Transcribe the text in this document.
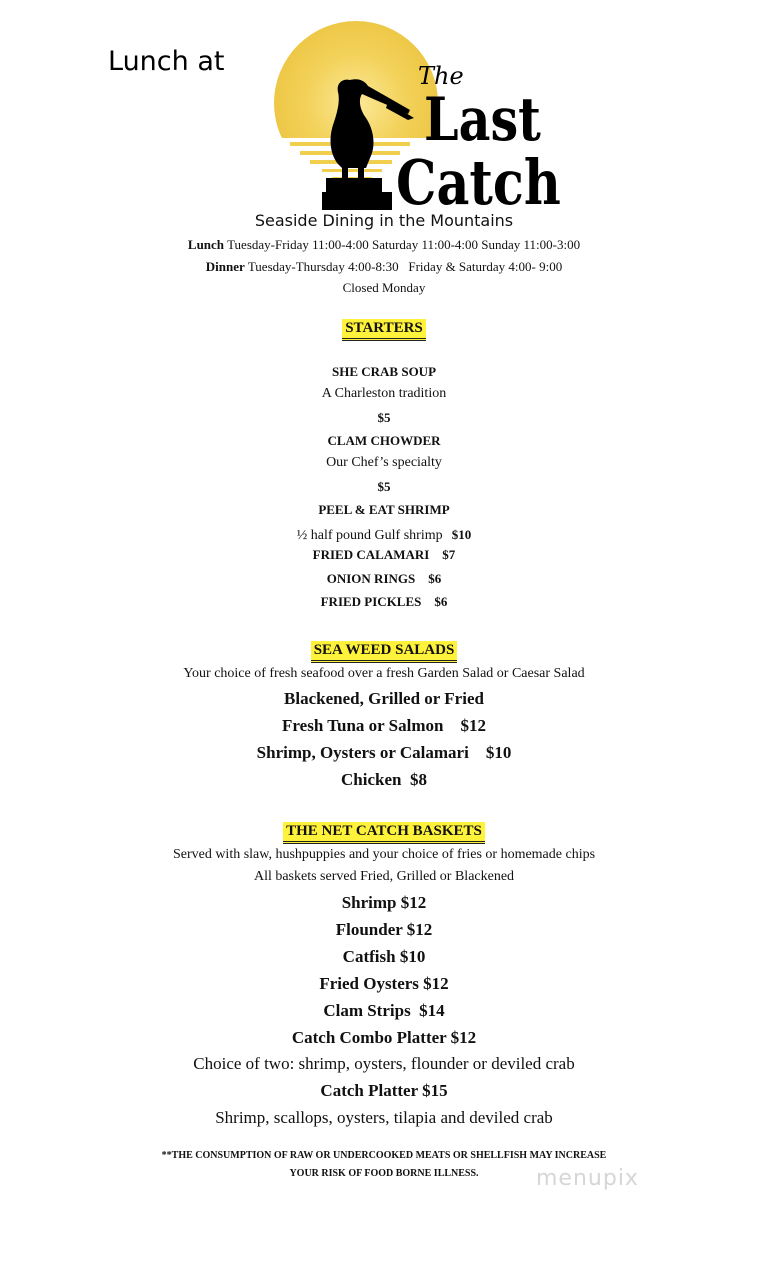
Lunch at	The
Last
Catch
Seaside Dining in the Mountains
Lunch Tuesday-Friday 11:00-4:00 Saturday 11:00-4:00 Sunday 11:00-3:00
Dinner Tuesday-Thursday 4:00-8:30   Friday & Saturday 4:00- 9:00
Closed Monday
STARTERS
SHE CRAB SOUP
A Charleston tradition
$5
CLAM CHOWDER
Our Chef’s specialty
$5
PEEL & EAT SHRIMP
½ half pound Gulf shrimp $10
FRIED CALAMARI    $7
ONION RINGS    $6
FRIED PICKLES    $6
SEA WEED SALADS
Your choice of fresh seafood over a fresh Garden Salad or Caesar Salad
Blackened, Grilled or Fried
Fresh Tuna or Salmon    $12
Shrimp, Oysters or Calamari    $10
Chicken  $8
THE NET CATCH BASKETS
Served with slaw, hushpuppies and your choice of fries or homemade chips
All baskets served Fried, Grilled or Blackened
Shrimp $12
Flounder $12
Catfish $10
Fried Oysters $12
Clam Strips  $14
Catch Combo Platter $12
Choice of two: shrimp, oysters, flounder or deviled crab
Catch Platter $15
Shrimp, scallops, oysters, tilapia and deviled crab
**THE CONSUMPTION OF RAW OR UNDERCOOKED MEATS OR SHELLFISH MAY INCREASE
YOUR RISK OF FOOD BORNE ILLNESS.	menupix
